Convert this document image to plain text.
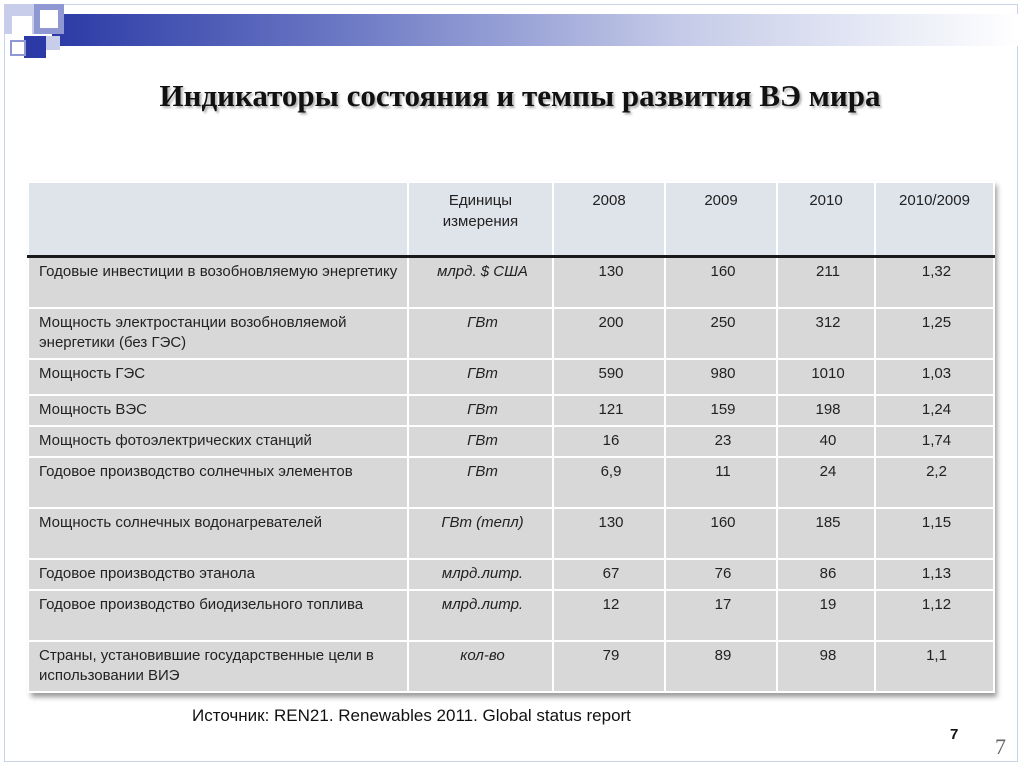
Индикаторы состояния и темпы развития ВЭ мира
	Единицы измерения	2008	2009	2010	2010/2009
Годовые инвестиции в возобновляемую энергетику	млрд. $ США	130	160	211	1,32
Мощность электростанции возобновляемой энергетики (без ГЭС)	ГВт	200	250	312	1,25
Мощность ГЭС	ГВт	590	980	1010	1,03
Мощность ВЭС	ГВт	121	159	198	1,24
Мощность фотоэлектрических станций	ГВт	16	23	40	1,74
Годовое производство солнечных элементов	ГВт	6,9	11	24	2,2
Мощность солнечных водонагревателей	ГВт (тепл)	130	160	185	1,15
Годовое производство этанола	млрд.литр.	67	76	86	1,13
Годовое производство биодизельного топлива	млрд.литр.	12	17	19	1,12
Страны, установившие государственные цели в использовании ВИЭ	кол-во	79	89	98	1,1
Источник: REN21. Renewables 2011. Global status report
7 7
